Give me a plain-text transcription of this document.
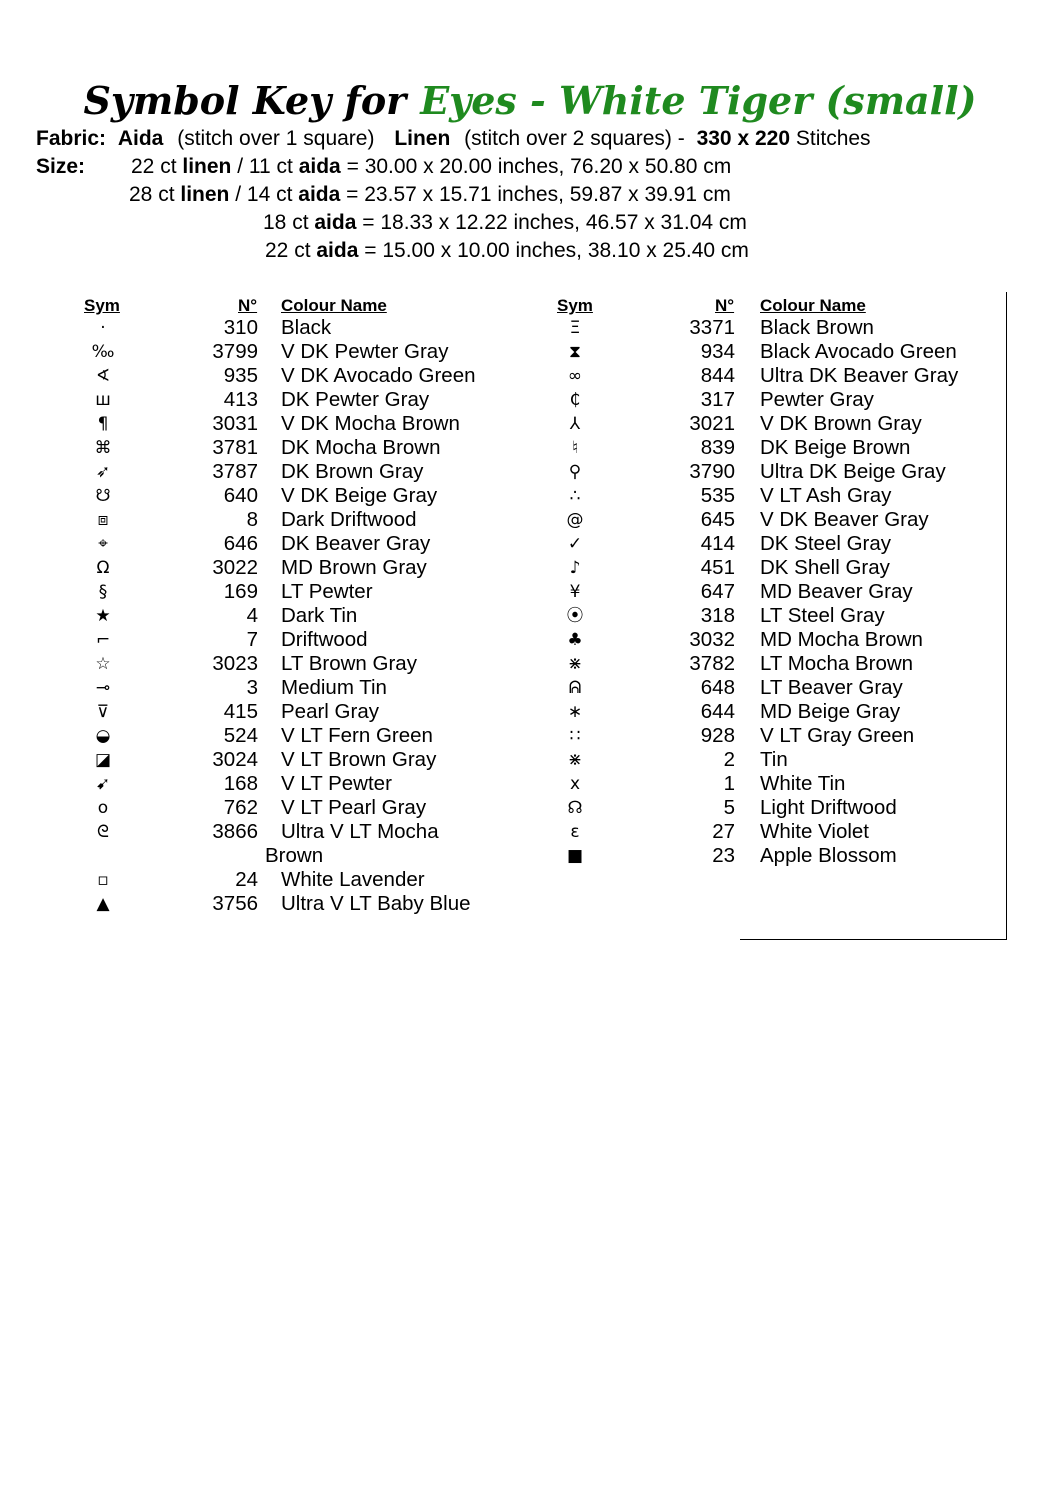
Symbol Key for Eyes - White Tiger (small)
Fabric: Aida (stitch over 1 square) Linen (stitch over 2 squares) - 330 x 220 Stitches
Size: 22 ct linen / 11 ct aida = 30.00 x 20.00 inches, 76.20 x 50.80 cm
28 ct linen / 14 ct aida = 23.57 x 15.71 inches, 59.87 x 39.91 cm
18 ct aida = 18.33 x 12.22 inches, 46.57 x 31.04 cm
22 ct aida = 15.00 x 10.00 inches, 38.10 x 25.40 cm
Sym	N° Colour Name	Sym	N° Colour Name
·	310 Black
‰	3799 V DK Pewter Gray
∢	935 V DK Avocado Green
ш	413 DK Pewter Gray
¶	3031 V DK Mocha Brown
⌘	3781 DK Mocha Brown
➶	3787 DK Brown Gray
☋	640 V DK Beige Gray
⧈	8 Dark Driftwood
⌖	646 DK Beaver Gray
Ω	3022 MD Brown Gray
§	169 LT Pewter
★	4 Dark Tin
⌐	7 Driftwood
☆	3023 LT Brown Gray
⊸	3 Medium Tin
⊽	415 Pearl Gray
◒	524 V LT Fern Green
◪	3024 V LT Brown Gray
➹	168 V LT Pewter
o	762 V LT Pearl Gray
ᘓ	3866 Ultra V LT Mocha
Brown
▫	24 White Lavender
▲	3756 Ultra V LT Baby Blue
Ξ	3371 Black Brown
⧗	934 Black Avocado Green
∞	844 Ultra DK Beaver Gray
₵	317 Pewter Gray
⅄	3021 V DK Brown Gray
♮	839 DK Beige Brown
⚲	3790 Ultra DK Beige Gray
∴	535 V LT Ash Gray
@	645 V DK Beaver Gray
✓	414 DK Steel Gray
♪	451 DK Shell Gray
¥	647 MD Beaver Gray
⦿	318 LT Steel Gray
♣	3032 MD Mocha Brown
⋇	3782 LT Mocha Brown
ᕱ	648 LT Beaver Gray
∗	644 MD Beige Gray
∷	928 V LT Gray Green
⋇	2 Tin
x	1 White Tin
☊	5 Light Driftwood
ε	27 White Violet
■	23 Apple Blossom
